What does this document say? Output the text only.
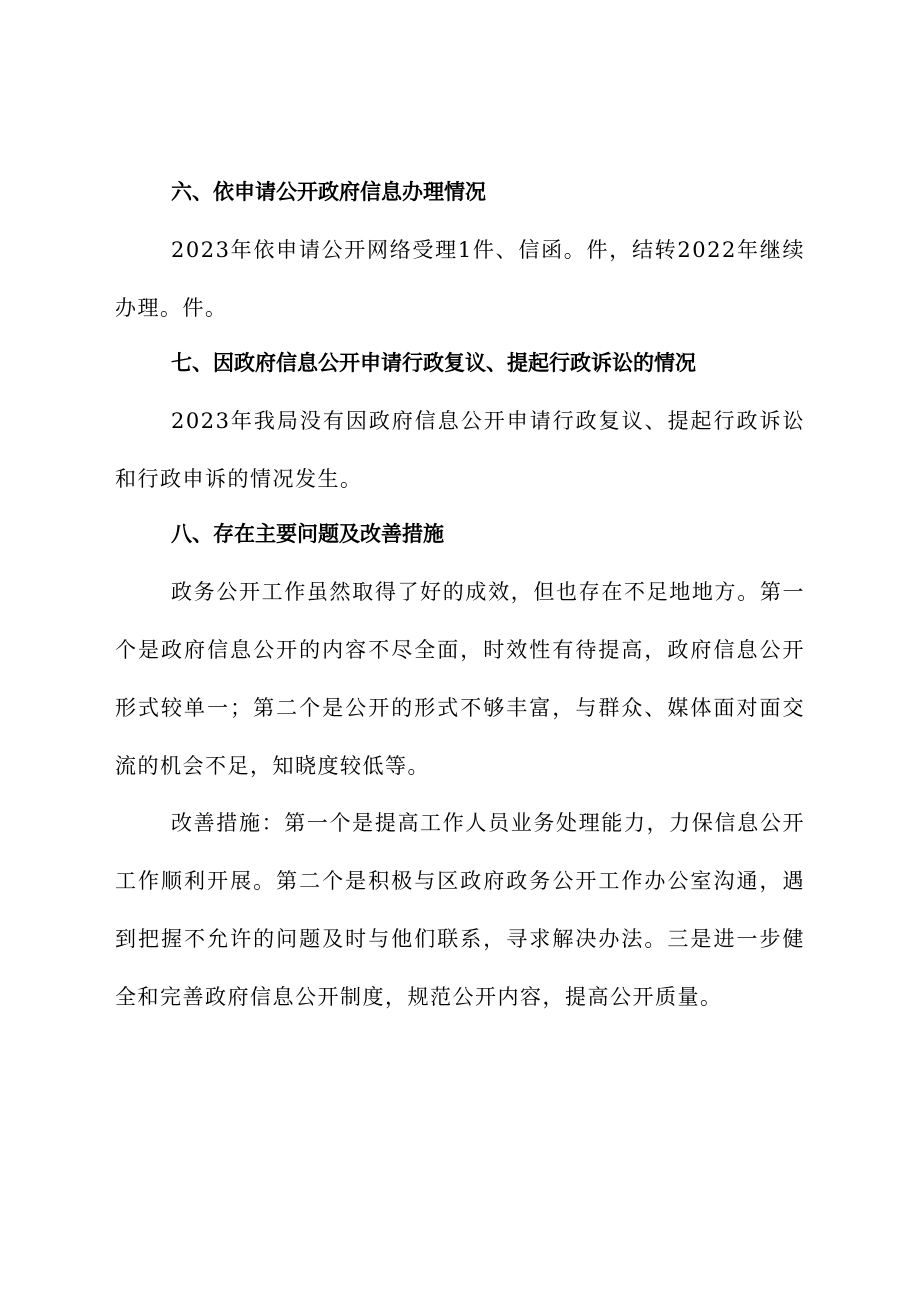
六、依申请公开政府信息办理情况
2023年依申请公开网络受理1件、信函。件，结转2022年继续办理。件。
七、因政府信息公开申请行政复议、提起行政诉讼的情况
2023年我局没有因政府信息公开申请行政复议、提起行政诉讼和行政申诉的情况发生。
八、存在主要问题及改善措施
政务公开工作虽然取得了好的成效，但也存在不足地地方。第一个是政府信息公开的内容不尽全面，时效性有待提高，政府信息公开形式较单一；第二个是公开的形式不够丰富，与群众、媒体面对面交流的机会不足，知晓度较低等。
改善措施：第一个是提高工作人员业务处理能力，力保信息公开工作顺利开展。第二个是积极与区政府政务公开工作办公室沟通，遇到把握不允许的问题及时与他们联系，寻求解决办法。三是进一步健全和完善政府信息公开制度，规范公开内容，提高公开质量。
